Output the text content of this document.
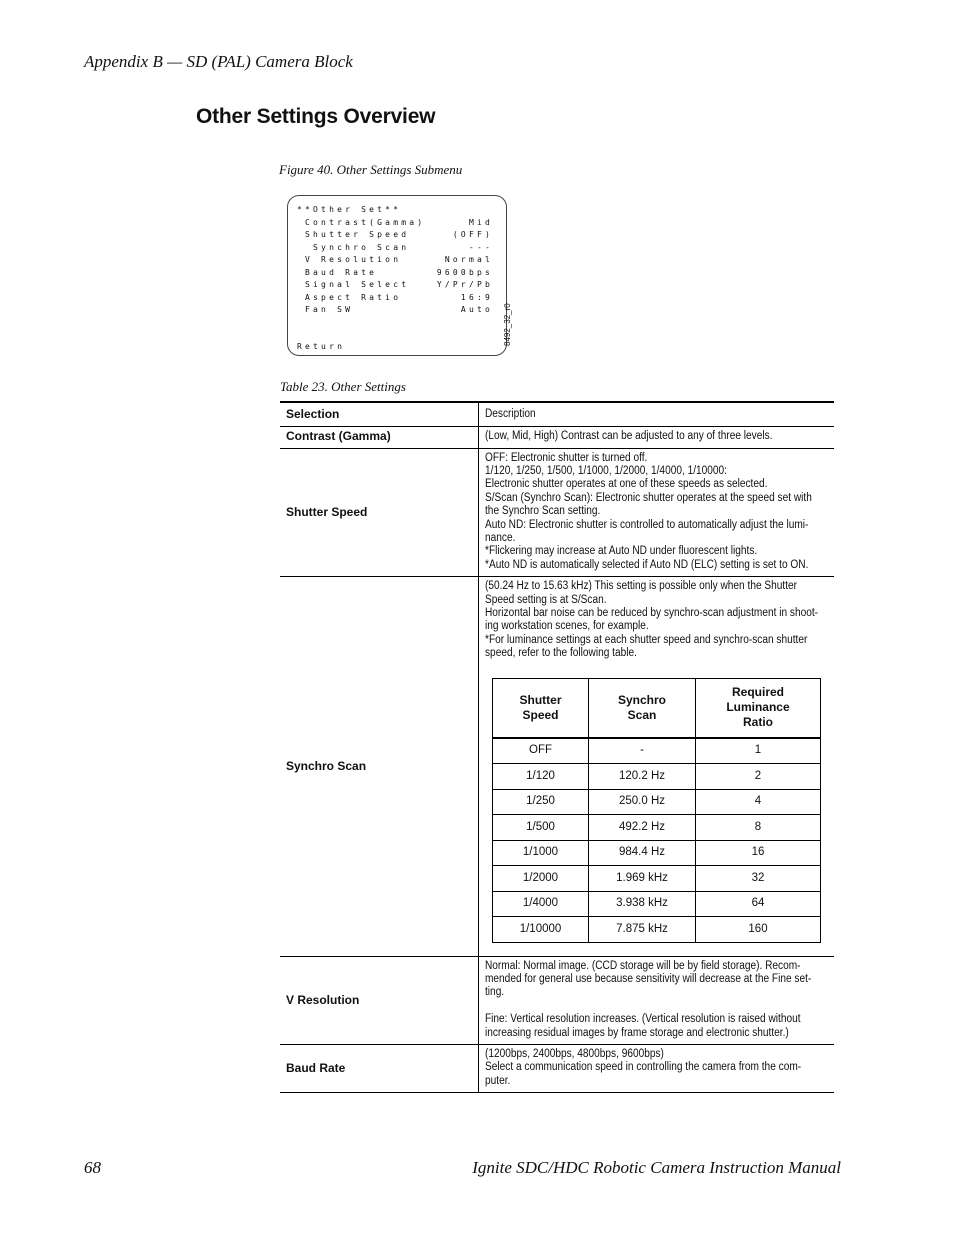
Appendix B — SD (PAL) Camera Block
Other Settings Overview
Figure 40. Other Settings Submenu
**Other Set**
Contrast(Gamma)	Mid
Shutter Speed	(OFF)
Synchro Scan	---
V Resolution	Normal
Baud Rate	9600bps
Signal Select	Y/Pr/Pb
Aspect Ratio	16:9
Fan SW	Auto
Return
8492_32_r0
Table 23. Other Settings
Selection	Description
Contrast (Gamma)	(Low, Mid, High) Contrast can be adjusted to any of three levels.

Shutter Speed	
OFF: Electronic shutter is turned off.
1/120, 1/250, 1/500, 1/1000, 1/2000, 1/4000, 1/10000:
Electronic shutter operates at one of these speeds as selected.
S/Scan (Synchro Scan): Electronic shutter operates at the speed set with
the Synchro Scan setting.
Auto ND: Electronic shutter is controlled to automatically adjust the lumi-
nance.
*Flickering may increase at Auto ND under fluorescent lights.
*Auto ND is automatically selected if Auto ND (ELC) setting is set to ON.

Synchro Scan	
(50.24 Hz to 15.63 kHz) This setting is possible only when the Shutter
Speed setting is at S/Scan.
Horizontal bar noise can be reduced by synchro-scan adjustment in shoot-
ing workstation scenes, for example.
*For luminance settings at each shutter speed and synchro-scan shutter
speed, refer to the following table.
Shutter Speed	Synchro Scan	Required Luminance Ratio
OFF	-	1
1/120	120.2 Hz	2
1/250	250.0 Hz	4
1/500	492.2 Hz	8
1/1000	984.4 Hz	16
1/2000	1.969 kHz	32
1/4000	3.938 kHz	64
1/10000	7.875 kHz	160

V Resolution	
Normal: Normal image. (CCD storage will be by field storage). Recom-
mended for general use because sensitivity will decrease at the Fine set-
ting.
Fine: Vertical resolution increases. (Vertical resolution is raised without
increasing residual images by frame storage and electronic shutter.)

Baud Rate	
(1200bps, 2400bps, 4800bps, 9600bps)
Select a communication speed in controlling the camera from the com-
puter.
68	Ignite SDC/HDC Robotic Camera Instruction Manual
